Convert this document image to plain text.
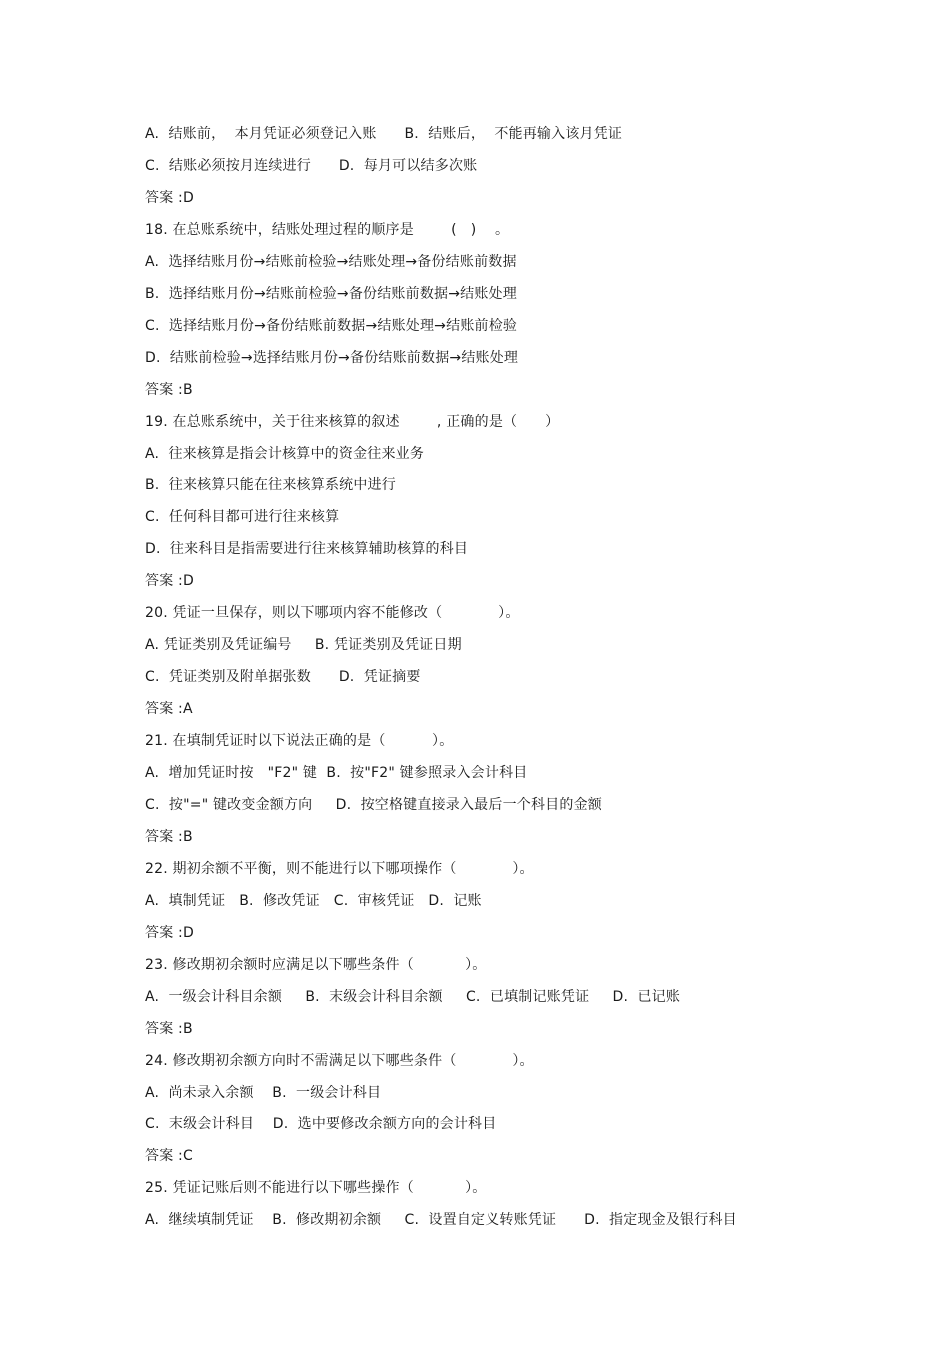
A.  结账前，  本月凭证必须登记入账      B.  结账后，  不能再输入该月凭证
C.  结账必须按月连续进行      D.  每月可以结多次账
答案 :D
18. 在总账系统中，结账处理过程的顺序是        (   )    。
A.  选择结账月份→结账前检验→结账处理→备份结账前数据
B.  选择结账月份→结账前检验→备份结账前数据→结账处理
C.  选择结账月份→备份结账前数据→结账处理→结账前检验
D.  结账前检验→选择结账月份→备份结账前数据→结账处理
答案 :B
19. 在总账系统中，关于往来核算的叙述        , 正确的是（      ）
A.  往来核算是指会计核算中的资金往来业务
B.  往来核算只能在往来核算系统中进行
C.  任何科目都可进行往来核算
D.  往来科目是指需要进行往来核算辅助核算的科目
答案 :D
20. 凭证一旦保存，则以下哪项内容不能修改（            ）。
A. 凭证类别及凭证编号     B. 凭证类别及凭证日期
C.  凭证类别及附单据张数      D.  凭证摘要
答案 :A
21. 在填制凭证时以下说法正确的是（          ）。
A.  增加凭证时按   "F2" 键  B.  按"F2" 键参照录入会计科目
C.  按"=" 键改变金额方向     D.  按空格键直接录入最后一个科目的金额
答案 :B
22. 期初余额不平衡，则不能进行以下哪项操作（            ）。
A.  填制凭证   B.  修改凭证   C.  审核凭证   D.  记账
答案 :D
23. 修改期初余额时应满足以下哪些条件（           ）。
A.  一级会计科目余额     B.  末级会计科目余额     C.  已填制记账凭证     D.  已记账
答案 :B
24. 修改期初余额方向时不需满足以下哪些条件（            ）。
A.  尚未录入余额    B.  一级会计科目
C.  末级会计科目    D.  选中要修改余额方向的会计科目
答案 :C
25. 凭证记账后则不能进行以下哪些操作（           ）。
A.  继续填制凭证    B.  修改期初余额     C.  设置自定义转账凭证      D.  指定现金及银行科目
